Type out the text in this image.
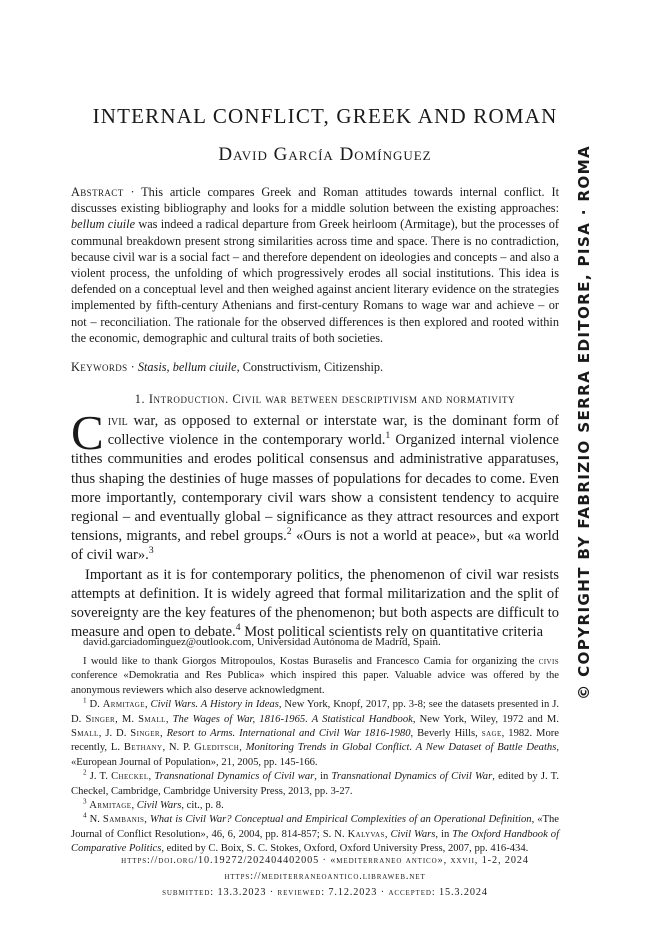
INTERNAL CONFLICT, GREEK AND ROMAN
David García Domínguez

Abstract · This article compares Greek and Roman attitudes towards internal conflict. It discusses existing bibliography and looks for a middle solution between the existing approaches: bellum ciuile was indeed a radical departure from Greek heirloom (Armitage), but the processes of communal breakdown present strong similarities across time and space. There is no contradiction, because civil war is a social fact – and therefore dependent on ideologies and concepts – and also a violent process, the unfolding of which progressively erodes all social institutions. This idea is defended on a conceptual level and then weighed against ancient literary evidence on the strategies implemented by fifth-century Athenians and first-century Romans to wage war and achieve – or not – reconciliation. The rationale for the observed differences is then explored and rooted within the economic, demographic and cultural traits of both societies.

Keywords · Stasis, bellum ciuile, Constructivism, Citizenship.

1. Introduction. Civil war between descriptivism and normativity

Civil war, as opposed to external or interstate war, is the dominant form of collective violence in the contemporary world.$^1$ Organized internal violence tithes communities and erodes political consensus and administrative apparatuses, thus shaping the destinies of huge masses of populations for decades to come. Even more importantly, contemporary civil wars show a consistent tendency to acquire regional – and eventually global – significance as they attract resources and export tensions, migrants, and rebel groups.$^2$ «Ours is not a world at peace», but «a world of civil war».$^3$

Important as it is for contemporary politics, the phenomenon of civil war resists attempts at definition. It is widely agreed that formal militarization and the split of sovereignty are the key features of the phenomenon; but both aspects are difficult to measure and open to debate.$^4$ Most political scientists rely on quantitative criteria

david.garciadominguez@outlook.com, Universidad Autónoma de Madrid, Spain.

I would like to thank Giorgos Mitropoulos, Kostas Buraselis and Francesco Camia for organizing the civis conference «Demokratia and Res Publica» which inspired this paper. Valuable advice was offered by the anonymous reviewers which also deserve acknowledgment.

$^1$ D. Armitage, Civil Wars. A History in Ideas, New York, Knopf, 2017, pp. 3-8; see the datasets presented in J. D. Singer, M. Small, The Wages of War, 1816-1965. A Statistical Handbook, New York, Wiley, 1972 and M. Small, J. D. Singer, Resort to Arms. International and Civil War 1816-1980, Beverly Hills, sage, 1982. More recently, L. Bethany, N. P. Gleditsch, Monitoring Trends in Global Conflict. A New Dataset of Battle Deaths, «European Journal of Population», 21, 2005, pp. 145-166.

$^2$ J. T. Checkel, Transnational Dynamics of Civil war, in Transnational Dynamics of Civil War, edited by J. T. Checkel, Cambridge, Cambridge University Press, 2013, pp. 3-27.

$^3$ Armitage, Civil Wars, cit., p. 8.

$^4$ N. Sambanis, What is Civil War? Conceptual and Empirical Complexities of an Operational Definition, «The Journal of Conflict Resolution», 46, 6, 2004, pp. 814-857; S. N. Kalyvas, Civil Wars, in The Oxford Handbook of Comparative Politics, edited by C. Boix, S. C. Stokes, Oxford, Oxford University Press, 2007, pp. 416-434.

https://doi.org/10.19272/202404402005 · «mediterraneo antico», xxvii, 1-2, 2024
https://mediterraneoantico.libraweb.net
submitted: 13.3.2023 · reviewed: 7.12.2023 · accepted: 15.3.2024
© COPYRIGHT BY FABRIZIO SERRA EDITORE, PISA · ROMA
